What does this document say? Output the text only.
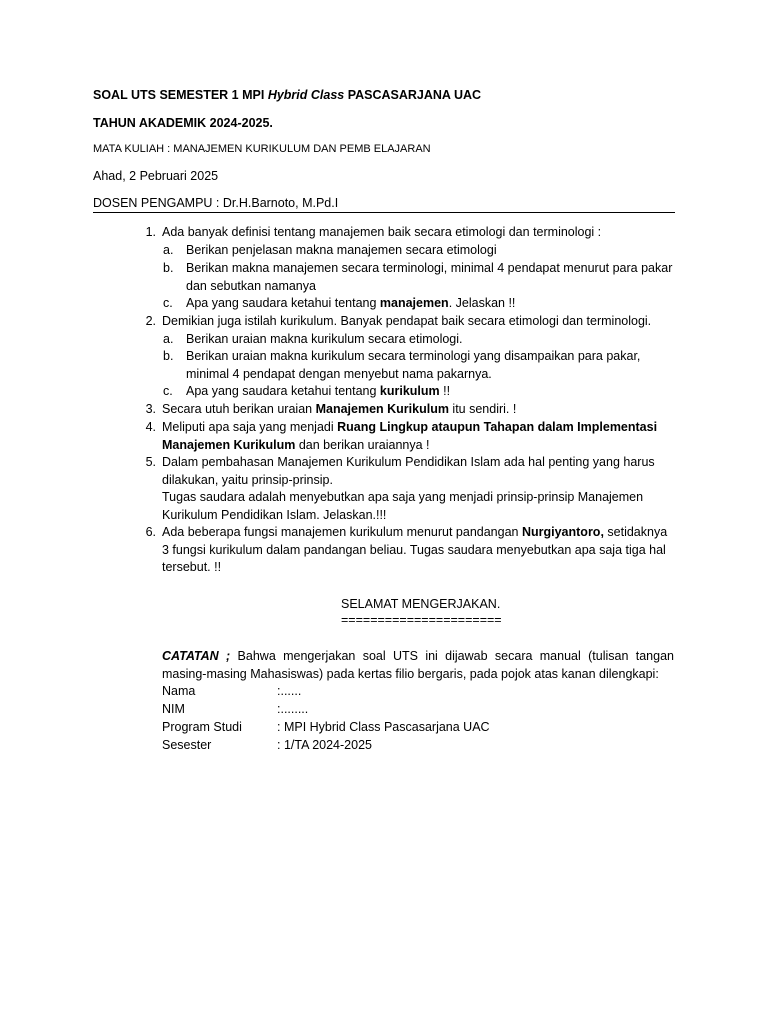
SOAL UTS SEMESTER 1 MPI Hybrid Class PASCASARJANA UAC
TAHUN AKADEMIK 2024-2025.
MATA KULIAH : MANAJEMEN KURIKULUM DAN PEMB ELAJARAN
Ahad, 2 Pebruari 2025
DOSEN PENGAMPU : Dr.H.Barnoto, M.Pd.I
1. Ada banyak definisi tentang manajemen baik secara etimologi dan terminologi :
a. Berikan penjelasan makna manajemen secara etimologi
b. Berikan makna manajemen secara terminologi, minimal 4 pendapat menurut para pakar dan sebutkan namanya
c. Apa yang saudara ketahui tentang manajemen. Jelaskan !!
2. Demikian juga istilah kurikulum. Banyak pendapat baik secara etimologi dan terminologi.
a. Berikan uraian makna kurikulum secara etimologi.
b. Berikan uraian makna kurikulum secara terminologi yang disampaikan para pakar, minimal 4 pendapat dengan menyebut nama pakarnya.
c. Apa yang saudara ketahui tentang kurikulum !!
3. Secara utuh berikan uraian Manajemen Kurikulum itu sendiri. !
4. Meliputi apa saja yang menjadi Ruang Lingkup ataupun Tahapan dalam Implementasi Manajemen Kurikulum dan berikan uraiannya !
5. Dalam pembahasan Manajemen Kurikulum Pendidikan Islam ada hal penting yang harus dilakukan, yaitu prinsip-prinsip.
Tugas saudara adalah menyebutkan apa saja yang menjadi prinsip-prinsip Manajemen Kurikulum Pendidikan Islam. Jelaskan.!!!
6. Ada beberapa fungsi manajemen kurikulum menurut pandangan Nurgiyantoro, setidaknya 3 fungsi kurikulum dalam pandangan beliau. Tugas saudara menyebutkan apa saja tiga hal tersebut. !!
SELAMAT MENGERJAKAN.
======================
CATATAN ; Bahwa mengerjakan soal UTS ini dijawab secara manual (tulisan tangan masing-masing Mahasiswas) pada kertas filio bergaris, pada pojok atas kanan dilengkapi:
Nama	:......
NIM	:........
Program Studi	: MPI Hybrid Class Pascasarjana UAC
Sesester	: 1/TA 2024-2025
